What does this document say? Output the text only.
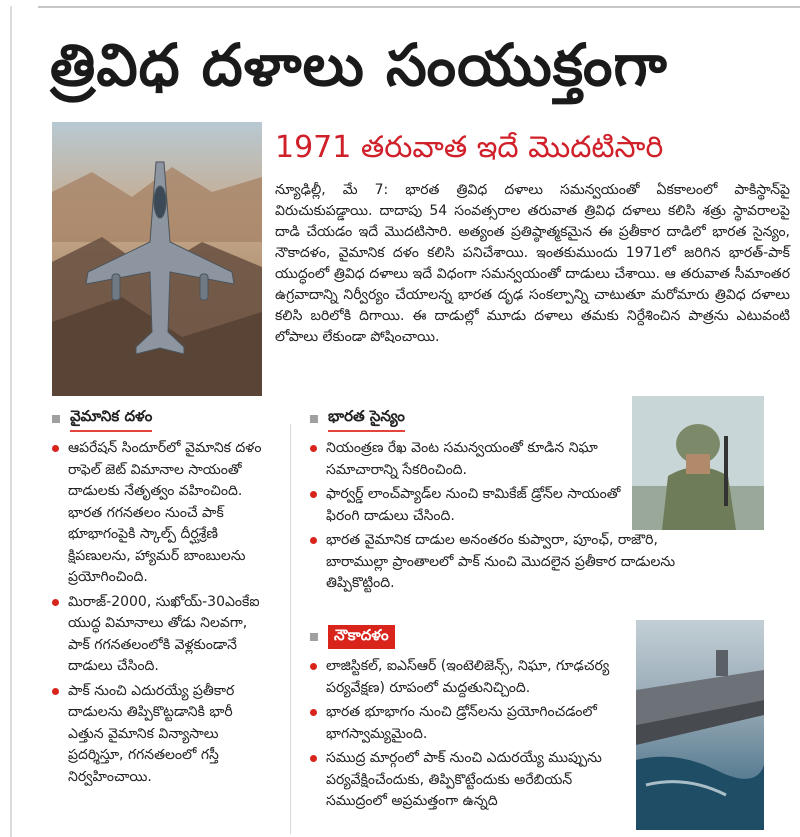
త్రివిధ దళాలు సంయుక్తంగా
1971 తరువాత ఇదే మొదటిసారి

న్యూఢిల్లీ, మే 7: భారత త్రివిధ దళాలు సమన్వయంతో ఏకకాలంలో పాకిస్థాన్‌పై విరుచుకుపడ్డాయి. దాదాపు 54 సంవత్సరాల తరువాత త్రివిధ దళాలు కలిసి శత్రు స్థావరాలపై దాడి చేయడం ఇదే మొదటిసారి. అత్యంత ప్రతిష్ఠాత్మకమైన ఈ ప్రతీకార దాడిలో భారత సైన్యం, నౌకాదళం, వైమానిక దళం కలిసి పనిచేశాయి. ఇంతకుముందు 1971లో జరిగిన భారత్‌-పాక్‌ యుద్ధంలో త్రివిధ దళాలు ఇదే విధంగా సమన్వయంతో దాడులు చేశాయి. ఆ తరువాత సీమాంతర ఉగ్రవాదాన్ని నిర్వీర్యం చేయాలన్న భారత దృఢ సంకల్పాన్ని చాటుతూ మరోమారు త్రివిధ దళాలు కలిసి బరిలోకి దిగాయి. ఈ దాడుల్లో మూడు దళాలు తమకు నిర్దేశించిన పాత్రను ఎటువంటి లోపాలు లేకుండా పోషించాయి.

వైమానిక దళం
ఆపరేషన్‌ సిందూర్‌లో వైమానిక దళం రాఫెల్‌ జెట్‌ విమానాల సాయంతో దాడులకు నేతృత్వం వహించింది. భారత గగనతలం నుంచే పాక్‌ భూభాగంపైకి స్కాల్ప్‌ దీర్ఘశ్రేణి క్షిపణులను, హ్యామర్‌ బాంబులను ప్రయోగించింది.
మిరాజ్‌-2000, సుఖోయ్‌-30ఎంకేఐ యుద్ధ విమానాలు తోడు నిలవగా, పాక్‌ గగనతలంలోకి వెళ్లకుండానే దాడులు చేసింది.
పాక్‌ నుంచి ఎదురయ్యే ప్రతీకార దాడులను తిప్పికొట్టడానికి భారీ ఎత్తున వైమానిక విన్యాసాలు ప్రదర్శిస్తూ, గగనతలంలో గస్తీ నిర్వహించాయి.
భారత సైన్యం
నియంత్రణ రేఖ వెంట సమన్వయంతో కూడిన నిఘా సమాచారాన్ని సేకరించింది.
ఫార్వర్డ్‌ లాంచ్‌ప్యాడ్‌ల నుంచి కామికేజ్‌ డ్రోన్‌ల సాయంతో ఫిరంగి దాడులు చేసింది.
భారత వైమానిక దాడుల అనంతరం కుప్వారా, పూంఛ్‌, రాజౌరి, బారాముల్లా ప్రాంతాలలో పాక్‌ నుంచి మొదలైన ప్రతీకార దాడులను తిప్పికొట్టింది.
నౌకాదళం
లాజిస్టికల్‌, ఐఎస్‌ఆర్‌ (ఇంటెలిజెన్స్‌, నిఘా, గూఢచర్య పర్యవేక్షణ) రూపంలో మద్దతునిచ్చింది.
భారత భూభాగం నుంచి డ్రోన్‌లను ప్రయోగించడంలో భాగస్వామ్యమైంది.
సముద్ర మార్గంలో పాక్‌ నుంచి ఎదురయ్యే ముప్పును పర్యవేక్షించేందుకు, తిప్పికొట్టేందుకు అరేబియన్‌ సముద్రంలో అప్రమత్తంగా ఉన్నది
